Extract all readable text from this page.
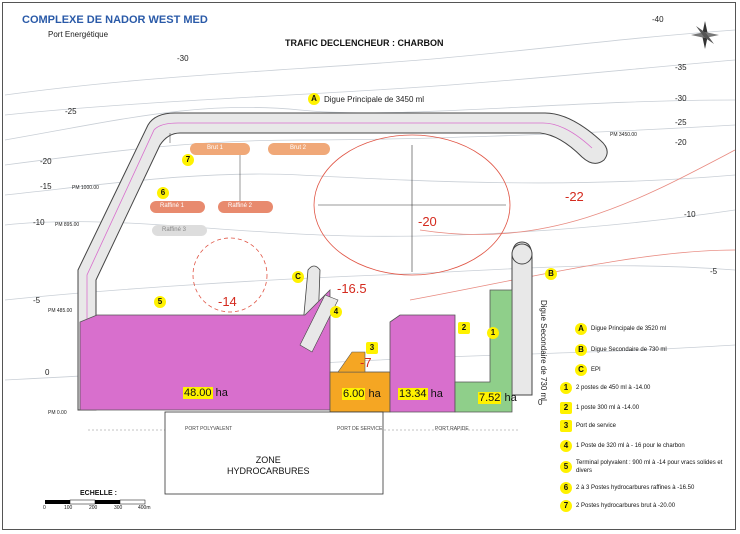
COMPLEXE DE NADOR WEST MED
Port Energétique
TRAFIC DECLENCHEUR : CHARBON
-40
-35
-30
-30
-25
-25
-20
-20
-15
-10
-10
-5
-5
0
0
PM 3450.00
PM 1000.00
PM 895.00
PM 485.00
PM 0.00
-22
-20
-16.5
-14
-7
A Digue Principale de 3450 ml
B
Digue Secondaire de 730 ml
C
1
2
3
4
5
6
7
Brut 1	Brut 2
Raffiné 1	Raffiné 2
Raffiné 3
48.00 ha	6.00 ha 13.34 ha	7.52 ha
PORT POLYVALENT	PORT DE SERVICE	PORT RAPIDE
ZONE
HYDROCARBURES
ECHELLE :
0	100	200	300	400m
A Digue Principale de 3520 ml
B Digue Secondaire de 730 ml
C EPI
1 2 postes de 450 ml à -14.00
2 1 poste 300 ml à -14.00
3 Port de service
4 1 Poste de 320 ml à - 16 pour le charbon
5 Terminal polyvalent : 900 ml à -14 pour vracs solides et divers
6 2 à 3 Postes hydrocarbures raffines à -16.50
7 2 Postes hydrocarbures brut à -20.00
